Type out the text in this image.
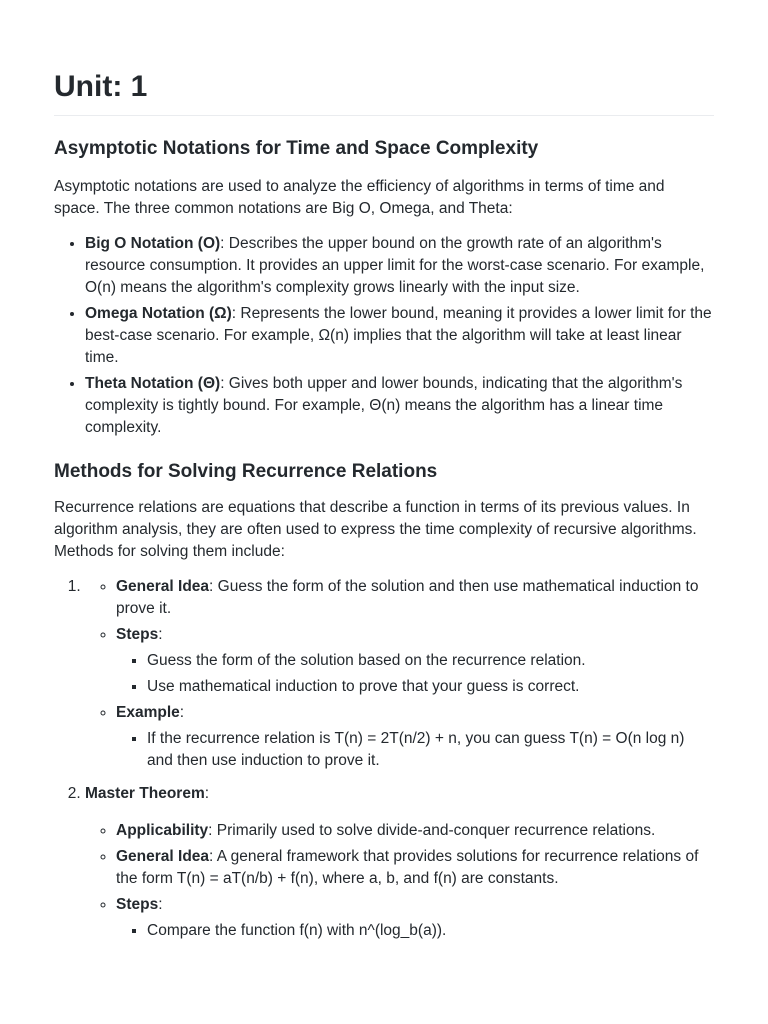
Unit: 1
Asymptotic Notations for Time and Space Complexity

Asymptotic notations are used to analyze the efficiency of algorithms in terms of time and space. The three common notations are Big O, Omega, and Theta:

• Big O Notation (O): Describes the upper bound on the growth rate of an algorithm's resource consumption. It provides an upper limit for the worst-case scenario. For example, O(n) means the algorithm's complexity grows linearly with the input size.
• Omega Notation (Ω): Represents the lower bound, meaning it provides a lower limit for the best-case scenario. For example, Ω(n) implies that the algorithm will take at least linear time.
• Theta Notation (Θ): Gives both upper and lower bounds, indicating that the algorithm's complexity is tightly bound. For example, Θ(n) means the algorithm has a linear time complexity.
Methods for Solving Recurrence Relations

Recurrence relations are equations that describe a function in terms of its previous values. In algorithm analysis, they are often used to express the time complexity of recursive algorithms. Methods for solving them include:

◦ 1. General Idea: Guess the form of the solution and then use mathematical induction to prove it.
◦ Steps:
▪ Guess the form of the solution based on the recurrence relation.
▪ Use mathematical induction to prove that your guess is correct.
◦ Example:
▪ If the recurrence relation is T(n) = 2T(n/2) + n, you can guess T(n) = O(n log n) and then use induction to prove it.
2. Master Theorem:
◦ Applicability: Primarily used to solve divide-and-conquer recurrence relations.
◦ General Idea: A general framework that provides solutions for recurrence relations of the form T(n) = aT(n/b) + f(n), where a, b, and f(n) are constants.
◦ Steps:
▪ Compare the function f(n) with n^(log_b(a)).
